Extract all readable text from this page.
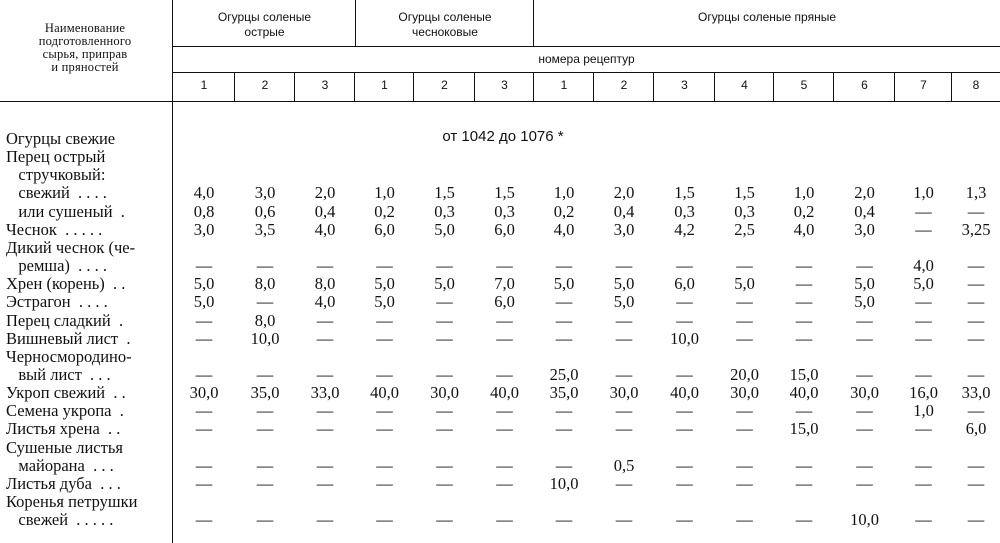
Наименование
подготовленного
сырья, приправ
и пряностей
Огурцы соленые
острые
Огурцы соленые
чесноковые
Огурцы соленые пряные
номера рецептур
1	2	3	1	2	3	1	2	3	4	5	6	7	8
от 1042 до 1076 *
Огурцы свежие
Перец острый
стручковый:
свежий  . . . .	4,0	3,0	2,0	1,0	1,5	1,5	1,0	2,0	1,5	1,5	1,0	2,0	1,0	1,3
или сушеный  .	0,8	0,6	0,4	0,2	0,3	0,3	0,2	0,4	0,3	0,3	0,2	0,4	—	—
Чеснок  . . . . .	3,0	3,5	4,0	6,0	5,0	6,0	4,0	3,0	4,2	2,5	4,0	3,0	—	3,25
Дикий чеснок (че-
ремша)  . . . .	—	—	—	—	—	—	—	—	—	—	—	—	4,0	—
Хрен (корень)  . .	5,0	8,0	8,0	5,0	5,0	7,0	5,0	5,0	6,0	5,0	—	5,0	5,0	—
Эстрагон  . . . .	5,0	—	4,0	5,0	—	6,0	—	5,0	—	—	—	5,0	—	—
Перец сладкий  .	—	8,0	—	—	—	—	—	—	—	—	—	—	—	—
Вишневый лист  .	—	10,0	—	—	—	—	—	—	10,0	—	—	—	—	—
Черносмородино-
вый лист  . . .	—	—	—	—	—	—	25,0	—	—	20,0	15,0	—	—	—
Укроп свежий  . .	30,0	35,0	33,0	40,0	30,0	40,0	35,0	30,0	40,0	30,0	40,0	30,0	16,0	33,0
Семена укропа  .	—	—	—	—	—	—	—	—	—	—	—	—	1,0	—
Листья хрена  . .	—	—	—	—	—	—	—	—	—	—	15,0	—	—	6,0
Сушеные листья
майорана  . . .	—	—	—	—	—	—	—	0,5	—	—	—	—	—	—
Листья дуба  . . .	—	—	—	—	—	—	10,0	—	—	—	—	—	—	—
Коренья петрушки
свежей  . . . . .	—	—	—	—	—	—	—	—	—	—	—	10,0	—	—
